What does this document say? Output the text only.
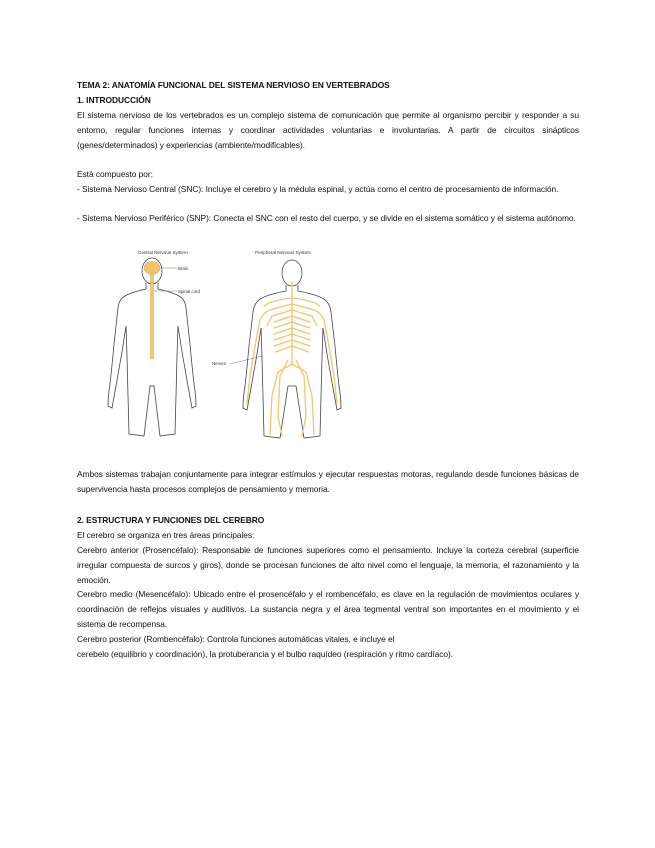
TEMA 2: ANATOMÍA FUNCIONAL DEL SISTEMA NERVIOSO EN VERTEBRADOS
1. INTRODUCCIÓN

El sistema nervioso de los vertebrados es un complejo sistema de comunicación que permite al organismo percibir y responder a su entorno, regular funciones internas y coordinar actividades voluntarias e involuntarias. A partir de circuitos sinápticos (genes/determinados) y experiencias (ambiente/modificables).

Está compuesto por:

- Sistema Nervioso Central (SNC): Incluye el cerebro y la médula espinal, y actúa como el centro de procesamiento de información.

- Sistema Nervioso Periférico (SNP): Conecta el SNC con el resto del cuerpo, y se divide en el sistema somático y el sistema autónomo.

Central Nervous System
Brain
Spinal cord
Peripheral Nervous System
Nerves

Ambos sistemas trabajan conjuntamente para integrar estímulos y ejecutar respuestas motoras, regulando desde funciones básicas de supervivencia hasta procesos complejos de pensamiento y memoria.

2. ESTRUCTURA Y FUNCIONES DEL CEREBRO

El cerebro se organiza en tres áreas principales:

Cerebro anterior (Prosencéfalo): Responsable de funciones superiores como el pensamiento. Incluye la corteza cerebral (superficie irregular compuesta de surcos y giros), donde se procesan funciones de alto nivel como el lenguaje, la memoria, el razonamiento y la emoción.

Cerebro medio (Mesencéfalo): Ubicado entre el prosencéfalo y el rombencéfalo, es clave en la regulación de movimientos oculares y coordinación de reflejos visuales y auditivos. La sustancia negra y el área tegmental ventral son importantes en el movimiento y el sistema de recompensa.

Cerebro posterior (Rombencéfalo): Controla funciones automáticas vitales, e incluye el

cerebelo (equilibrio y coordinación), la protuberancia y el bulbo raquídeo (respiración y ritmo cardíaco).
